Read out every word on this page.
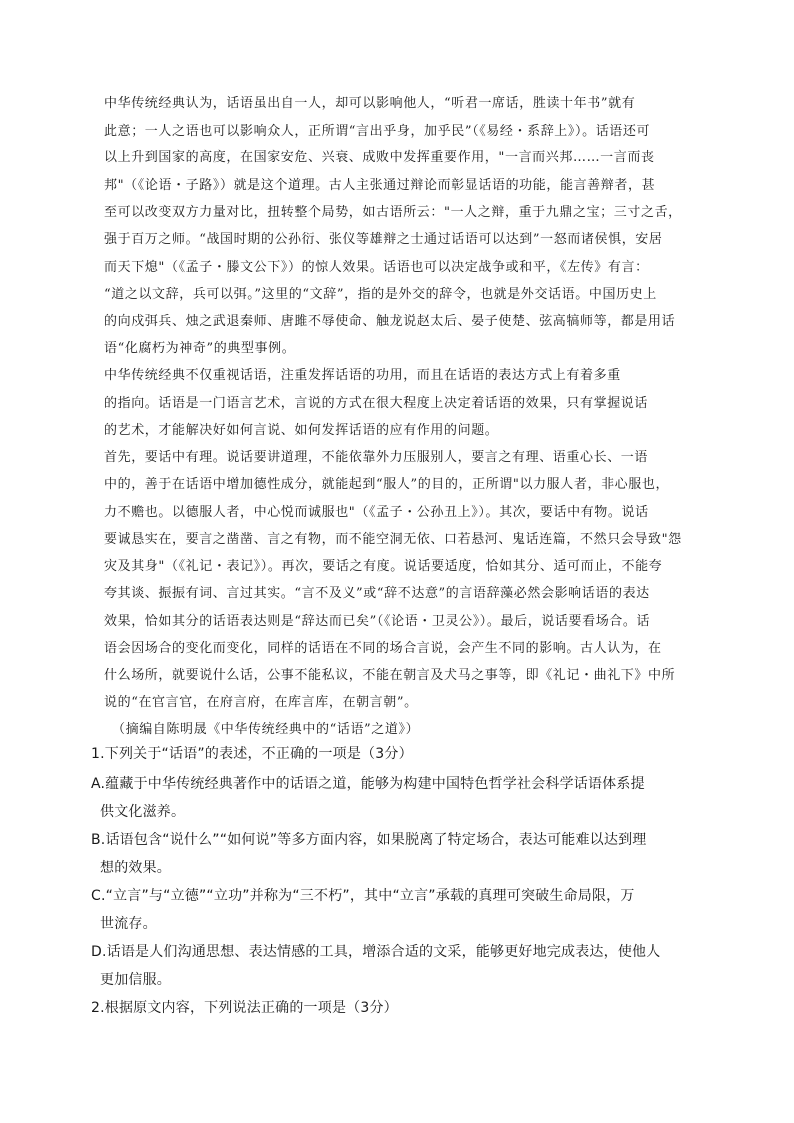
中华传统经典认为，话语虽出自一人，却可以影响他人，“听君一席话，胜读十年书”就有
此意；一人之语也可以影响众人，正所谓“言出乎身，加乎民”（《易经・系辞上》）。话语还可
以上升到国家的高度，在国家安危、兴衰、成败中发挥重要作用，"一言而兴邦……一言而丧
邦"（《论语・子路》）就是这个道理。古人主张通过辩论而彰显话语的功能，能言善辩者，甚
至可以改变双方力量对比，扭转整个局势，如古语所云："一人之辩，重于九鼎之宝；三寸之舌，
强于百万之师。“战国时期的公孙衍、张仪等雄辩之士通过话语可以达到”一怒而诸侯惧，安居
而天下熄"（《孟子・滕文公下》）的惊人效果。话语也可以决定战争或和平，《左传》有言：
“道之以文辞，兵可以弭。”这里的“文辞”，指的是外交的辞令，也就是外交话语。中国历史上
的向戍弭兵、烛之武退秦师、唐雎不辱使命、触龙说赵太后、晏子使楚、弦高犒师等，都是用话
语“化腐朽为神奇”的典型事例。
中华传统经典不仅重视话语，注重发挥话语的功用，而且在话语的表达方式上有着多重
的指向。话语是一门语言艺术，言说的方式在很大程度上决定着话语的效果，只有掌握说话
的艺术，才能解决好如何言说、如何发挥话语的应有作用的问题。
首先，要话中有理。说话要讲道理，不能依靠外力压服别人，要言之有理、语重心长、一语
中的，善于在话语中增加德性成分，就能起到“服人”的目的，正所谓"以力服人者，非心服也，
力不赡也。以德服人者，中心悦而诚服也"（《孟子・公孙丑上》）。其次，要话中有物。说话
要诚恳实在，要言之凿凿、言之有物，而不能空洞无依、口若悬河、鬼话连篇，不然只会导致"怨
灾及其身"（《礼记・表记》）。再次，要话之有度。说话要适度，恰如其分、适可而止，不能夸
夸其谈、振振有词、言过其实。“言不及义”或“辞不达意”的言语辞藻必然会影响话语的表达
效果，恰如其分的话语表达则是“辞达而已矣”（《论语・卫灵公》）。最后，说话要看场合。话
语会因场合的变化而变化，同样的话语在不同的场合言说，会产生不同的影响。古人认为，在
什么场所，就要说什么话，公事不能私议，不能在朝言及犬马之事等，即《礼记・曲礼下》中所
说的“在官言官，在府言府，在库言库，在朝言朝”。
（摘编自陈明晟《中华传统经典中的“话语”之道》）
1.下列关于“话语”的表述，不正确的一项是（3分）
A.蕴藏于中华传统经典著作中的话语之道，能够为构建中国特色哲学社会科学话语体系提
供文化滋养。
B.话语包含“说什么”“如何说”等多方面内容，如果脱离了特定场合，表达可能难以达到理
想的效果。
C.“立言”与“立德”“立功”并称为“三不朽”，其中“立言”承载的真理可突破生命局限，万
世流存。
D.话语是人们沟通思想、表达情感的工具，增添合适的文采，能够更好地完成表达，使他人
更加信服。
2.根据原文内容，下列说法正确的一项是（3分）
